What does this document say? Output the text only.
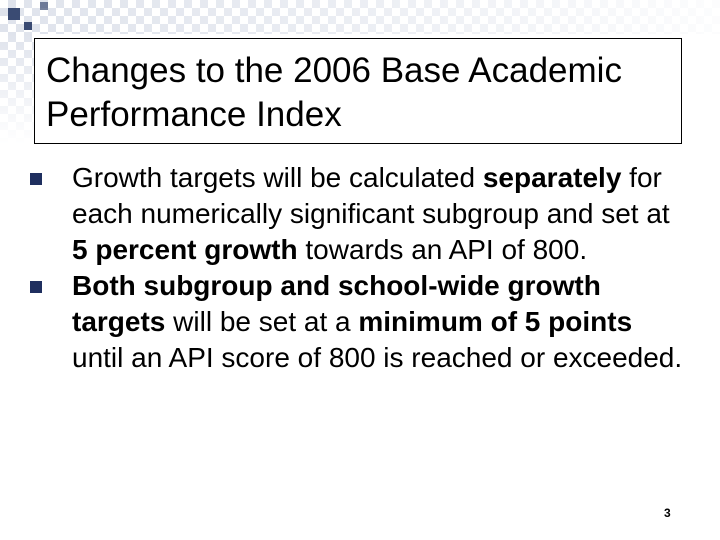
Changes to the 2006 Base Academic Performance Index
Growth targets will be calculated separately for each numerically significant subgroup and set at 5 percent growth towards an API of 800.
Both subgroup and school-wide growth targets will be set at a minimum of 5 points until an API score of 800 is reached or exceeded.
3
